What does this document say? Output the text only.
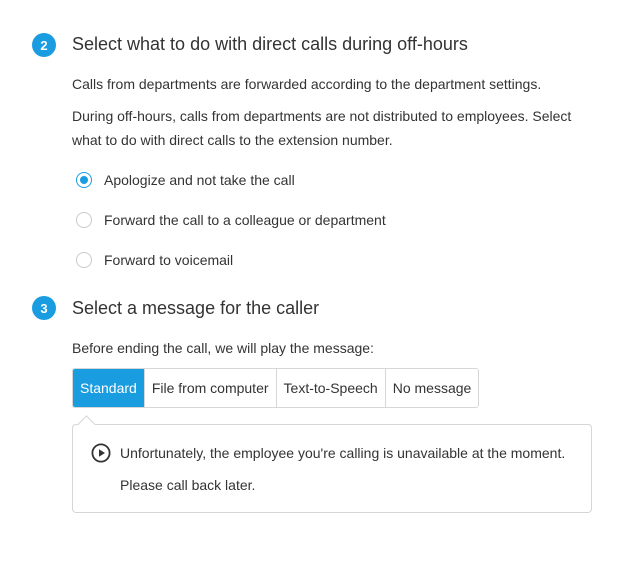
2 Select what to do with direct calls during off-hours
Calls from departments are forwarded according to the department settings.
During off-hours, calls from departments are not distributed to employees. Select what to do with direct calls to the extension number.
Apologize and not take the call
Forward the call to a colleague or department
Forward to voicemail
3 Select a message for the caller
Before ending the call, we will play the message:
Standard	File from computer	Text-to-Speech	No message
Unfortunately, the employee you're calling is unavailable at the moment.
Please call back later.
